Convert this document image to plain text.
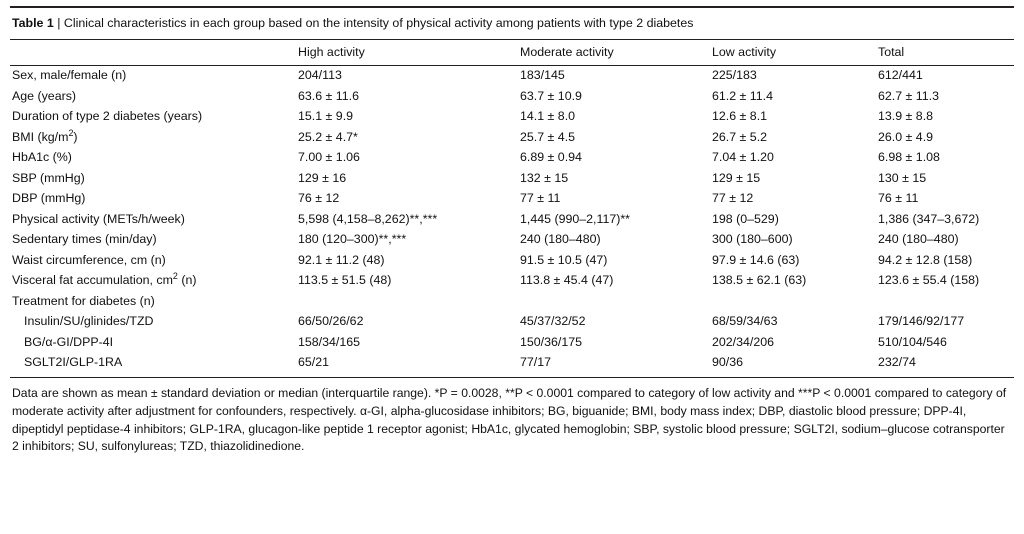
Table 1 | Clinical characteristics in each group based on the intensity of physical activity among patients with type 2 diabetes
	High activity	Moderate activity	Low activity	Total
Sex, male/female (n)	204/113	183/145	225/183	612/441
Age (years)	63.6 ± 11.6	63.7 ± 10.9	61.2 ± 11.4	62.7 ± 11.3
Duration of type 2 diabetes (years)	15.1 ± 9.9	14.1 ± 8.0	12.6 ± 8.1	13.9 ± 8.8
BMI $(kg/m^2)$	25.2 ± 4.7*	25.7 ± 4.5	26.7 ± 5.2	26.0 ± 4.9
HbA1c (%)	7.00 ± 1.06	6.89 ± 0.94	7.04 ± 1.20	6.98 ± 1.08
SBP (mmHg)	129 ± 16	132 ± 15	129 ± 15	130 ± 15
DBP (mmHg)	76 ± 12	77 ± 11	77 ± 12	76 ± 11
Physical activity (METs/h/week)	5,598 (4,158–8,262)**,***	1,445 (990–2,117)**	198 (0–529)	1,386 (347–3,672)
Sedentary times (min/day)	180 (120–300)**,***	240 (180–480)	300 (180–600)	240 (180–480)
Waist circumference, cm (n)	92.1 ± 11.2 (48)	91.5 ± 10.5 (47)	97.9 ± 14.6 (63)	94.2 ± 12.8 (158)
Visceral fat accumulation, $cm^2$ (n)	113.5 ± 51.5 (48)	113.8 ± 45.4 (47)	138.5 ± 62.1 (63)	123.6 ± 55.4 (158)
Treatment for diabetes (n)				
Insulin/SU/glinides/TZD	66/50/26/62	45/37/32/52	68/59/34/63	179/146/92/177
BG/α-GI/DPP-4I	158/34/165	150/36/175	202/34/206	510/104/546
SGLT2I/GLP-1RA	65/21	77/17	90/36	232/74
Data are shown as mean ± standard deviation or median (interquartile range). *P = 0.0028, **P < 0.0001 compared to category of low activity and ***P < 0.0001 compared to category of moderate activity after adjustment for confounders, respectively. α-GI, alpha-glucosidase inhibitors; BG, biguanide; BMI, body mass index; DBP, diastolic blood pressure; DPP-4I, dipeptidyl peptidase-4 inhibitors; GLP-1RA, glucagon-like peptide 1 receptor agonist; HbA1c, glycated hemoglobin; SBP, systolic blood pressure; SGLT2I, sodium–glucose cotransporter 2 inhibitors; SU, sulfonylureas; TZD, thiazolidinedione.
